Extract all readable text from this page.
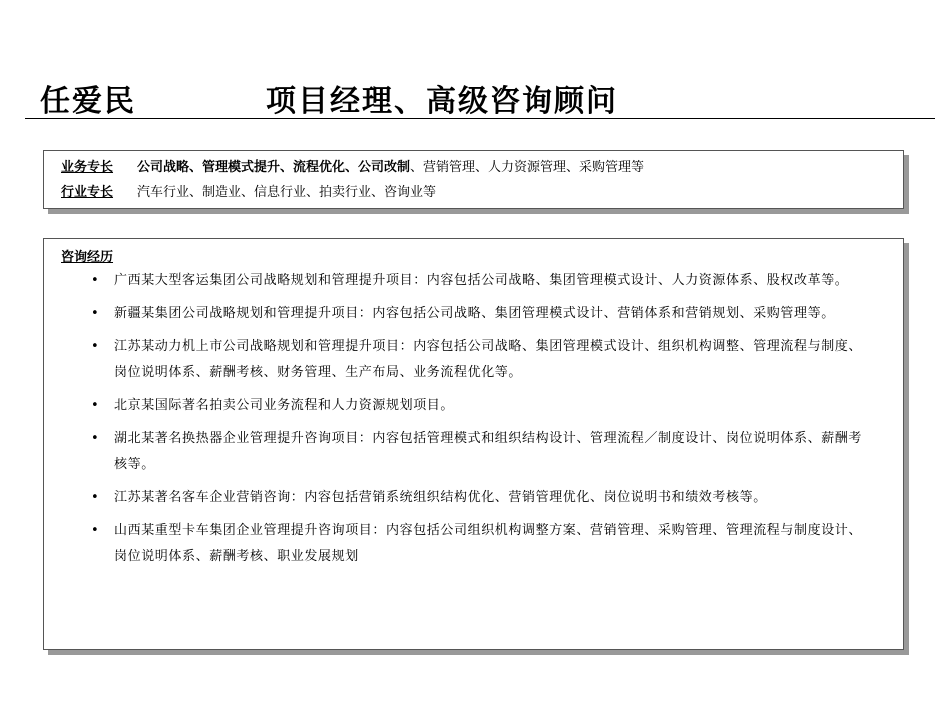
任爱民	项目经理、高级咨询顾问
业务专长 公司战略、管理模式提升、流程优化、公司改制、营销管理、人力资源管理、采购管理等
行业专长 汽车行业、制造业、信息行业、拍卖行业、咨询业等
咨询经历
• 广西某大型客运集团公司战略规划和管理提升项目：内容包括公司战略、集团管理模式设计、人力资源体系、股权改革等。
• 新疆某集团公司战略规划和管理提升项目：内容包括公司战略、集团管理模式设计、营销体系和营销规划、采购管理等。
• 江苏某动力机上市公司战略规划和管理提升项目：内容包括公司战略、集团管理模式设计、组织机构调整、管理流程与制度、岗位说明体系、薪酬考核、财务管理、生产布局、业务流程优化等。
• 北京某国际著名拍卖公司业务流程和人力资源规划项目。
• 湖北某著名换热器企业管理提升咨询项目：内容包括管理模式和组织结构设计、管理流程／制度设计、岗位说明体系、薪酬考核等。
• 江苏某著名客车企业营销咨询：内容包括营销系统组织结构优化、营销管理优化、岗位说明书和绩效考核等。
• 山西某重型卡车集团企业管理提升咨询项目：内容包括公司组织机构调整方案、营销管理、采购管理、管理流程与制度设计、岗位说明体系、薪酬考核、职业发展规划
